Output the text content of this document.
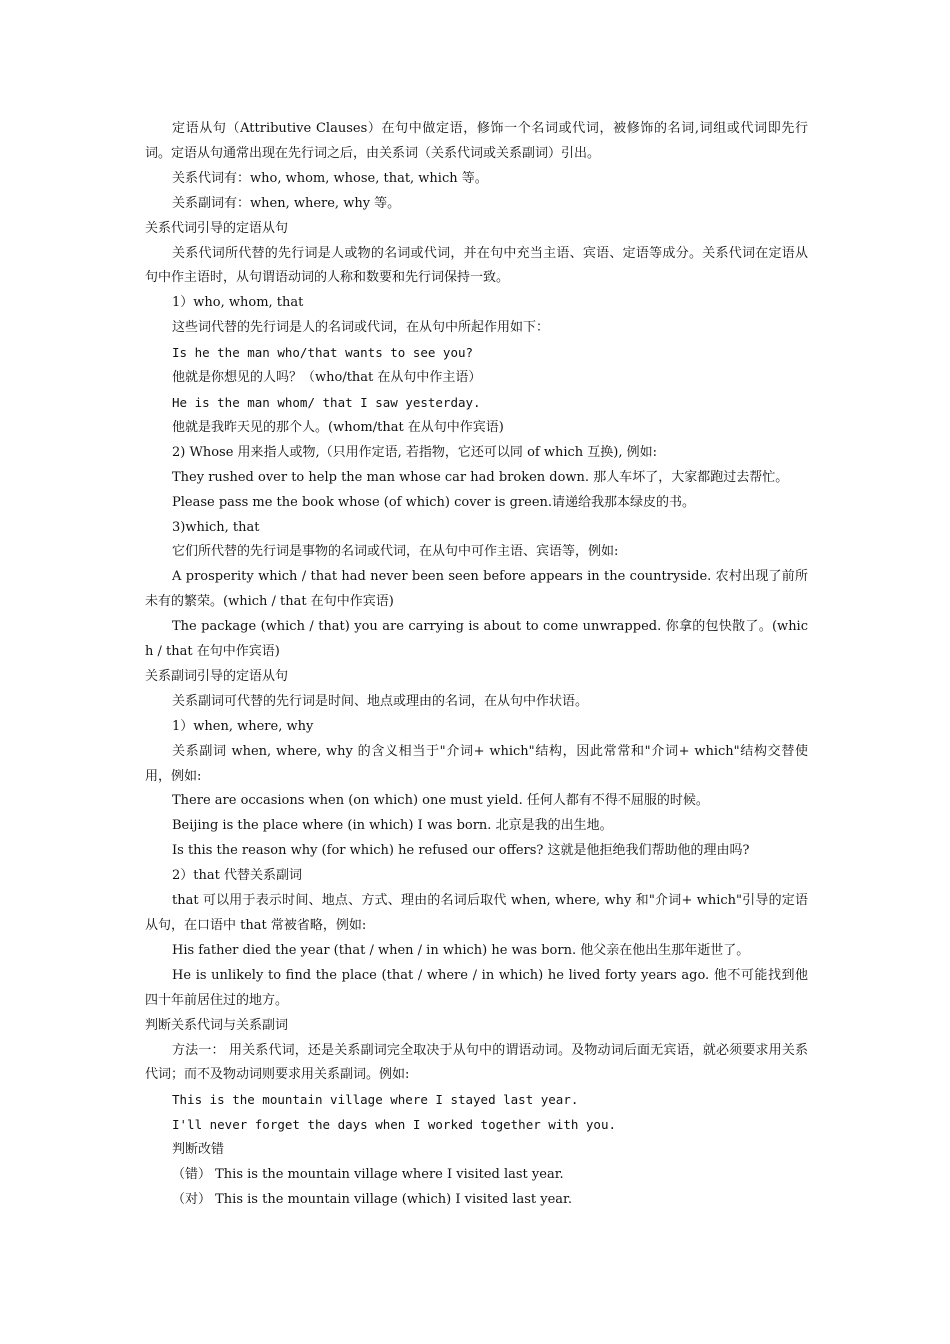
定语从句（Attributive Clauses）在句中做定语，修饰一个名词或代词，被修饰的名词,词组或代词即先行词。定语从句通常出现在先行词之后，由关系词（关系代词或关系副词）引出。

关系代词有：who, whom, whose, that, which 等。

关系副词有：when, where, why 等。

关系代词引导的定语从句

关系代词所代替的先行词是人或物的名词或代词，并在句中充当主语、宾语、定语等成分。关系代词在定语从句中作主语时，从句谓语动词的人称和数要和先行词保持一致。

1）who, whom, that

这些词代替的先行词是人的名词或代词，在从句中所起作用如下：

Is he the man who/that wants to see you?

他就是你想见的人吗？（who/that 在从句中作主语）

He is the man whom/ that I saw yesterday.

他就是我昨天见的那个人。(whom/that 在从句中作宾语)

2) Whose 用来指人或物,（只用作定语, 若指物，它还可以同 of which 互换), 例如:

They rushed over to help the man whose car had broken down. 那人车坏了，大家都跑过去帮忙。

Please pass me the book whose (of which) cover is green.请递给我那本绿皮的书。

3)which, that

它们所代替的先行词是事物的名词或代词，在从句中可作主语、宾语等，例如:

A prosperity which / that had never been seen before appears in the countryside. 农村出现了前所未有的繁荣。(which / that 在句中作宾语)

The package (which / that) you are carrying is about to come unwrapped. 你拿的包快散了。(which / that 在句中作宾语)

关系副词引导的定语从句

关系副词可代替的先行词是时间、地点或理由的名词，在从句中作状语。

1）when, where, why

关系副词 when, where, why 的含义相当于"介词+ which"结构，因此常常和"介词+ which"结构交替使用，例如:

There are occasions when (on which) one must yield. 任何人都有不得不屈服的时候。

Beijing is the place where (in which) I was born. 北京是我的出生地。

Is this the reason why (for which) he refused our offers? 这就是他拒绝我们帮助他的理由吗?

2）that 代替关系副词

that 可以用于表示时间、地点、方式、理由的名词后取代 when, where, why 和"介词+ which"引导的定语从句，在口语中 that 常被省略，例如:

His father died the year (that / when / in which) he was born. 他父亲在他出生那年逝世了。

He is unlikely to find the place (that / where / in which) he lived forty years ago. 他不可能找到他四十年前居住过的地方。

判断关系代词与关系副词

方法一： 用关系代词，还是关系副词完全取决于从句中的谓语动词。及物动词后面无宾语，就必须要求用关系代词；而不及物动词则要求用关系副词。例如:

This is the mountain village where I stayed last year.

I'll never forget the days when I worked together with you.

判断改错

（错） This is the mountain village where I visited last year.

（对） This is the mountain village (which) I visited last year.
